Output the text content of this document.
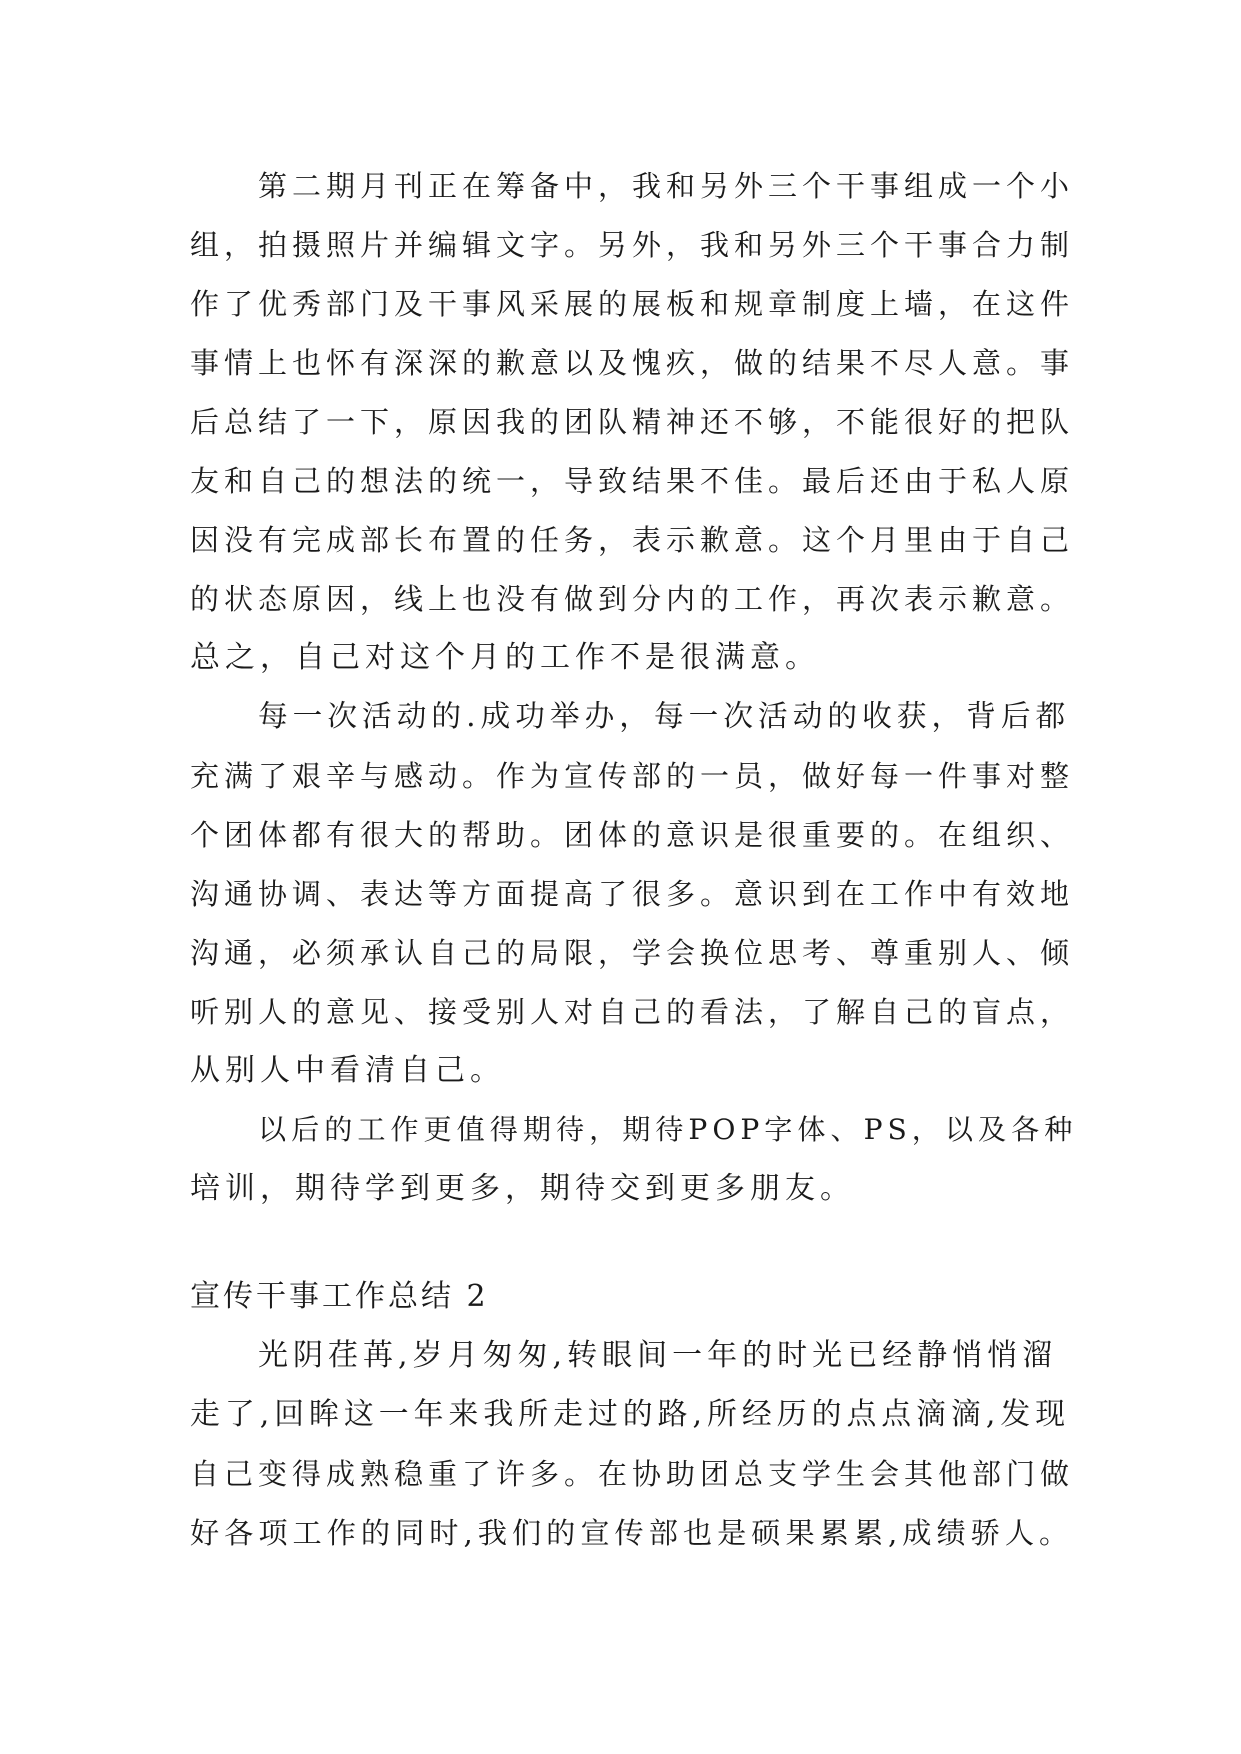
第二期月刊正在筹备中，我和另外三个干事组成一个小
组，拍摄照片并编辑文字。另外，我和另外三个干事合力制
作了优秀部门及干事风采展的展板和规章制度上墙，在这件
事情上也怀有深深的歉意以及愧疚，做的结果不尽人意。事
后总结了一下，原因我的团队精神还不够，不能很好的把队
友和自己的想法的统一，导致结果不佳。最后还由于私人原
因没有完成部长布置的任务，表示歉意。这个月里由于自己
的状态原因，线上也没有做到分内的工作，再次表示歉意。
总之，自己对这个月的工作不是很满意。
每一次活动的.成功举办，每一次活动的收获，背后都
充满了艰辛与感动。作为宣传部的一员，做好每一件事对整
个团体都有很大的帮助。团体的意识是很重要的。在组织、
沟通协调、表达等方面提高了很多。意识到在工作中有效地
沟通，必须承认自己的局限，学会换位思考、尊重别人、倾
听别人的意见、接受别人对自己的看法，了解自己的盲点，
从别人中看清自己。
以后的工作更值得期待，期待POP字体、PS，以及各种
培训，期待学到更多，期待交到更多朋友。
宣传干事工作总结 2
光阴荏苒,岁月匆匆,转眼间一年的时光已经静悄悄溜
走了,回眸这一年来我所走过的路,所经历的点点滴滴,发现
自己变得成熟稳重了许多。在协助团总支学生会其他部门做
好各项工作的同时,我们的宣传部也是硕果累累,成绩骄人。
